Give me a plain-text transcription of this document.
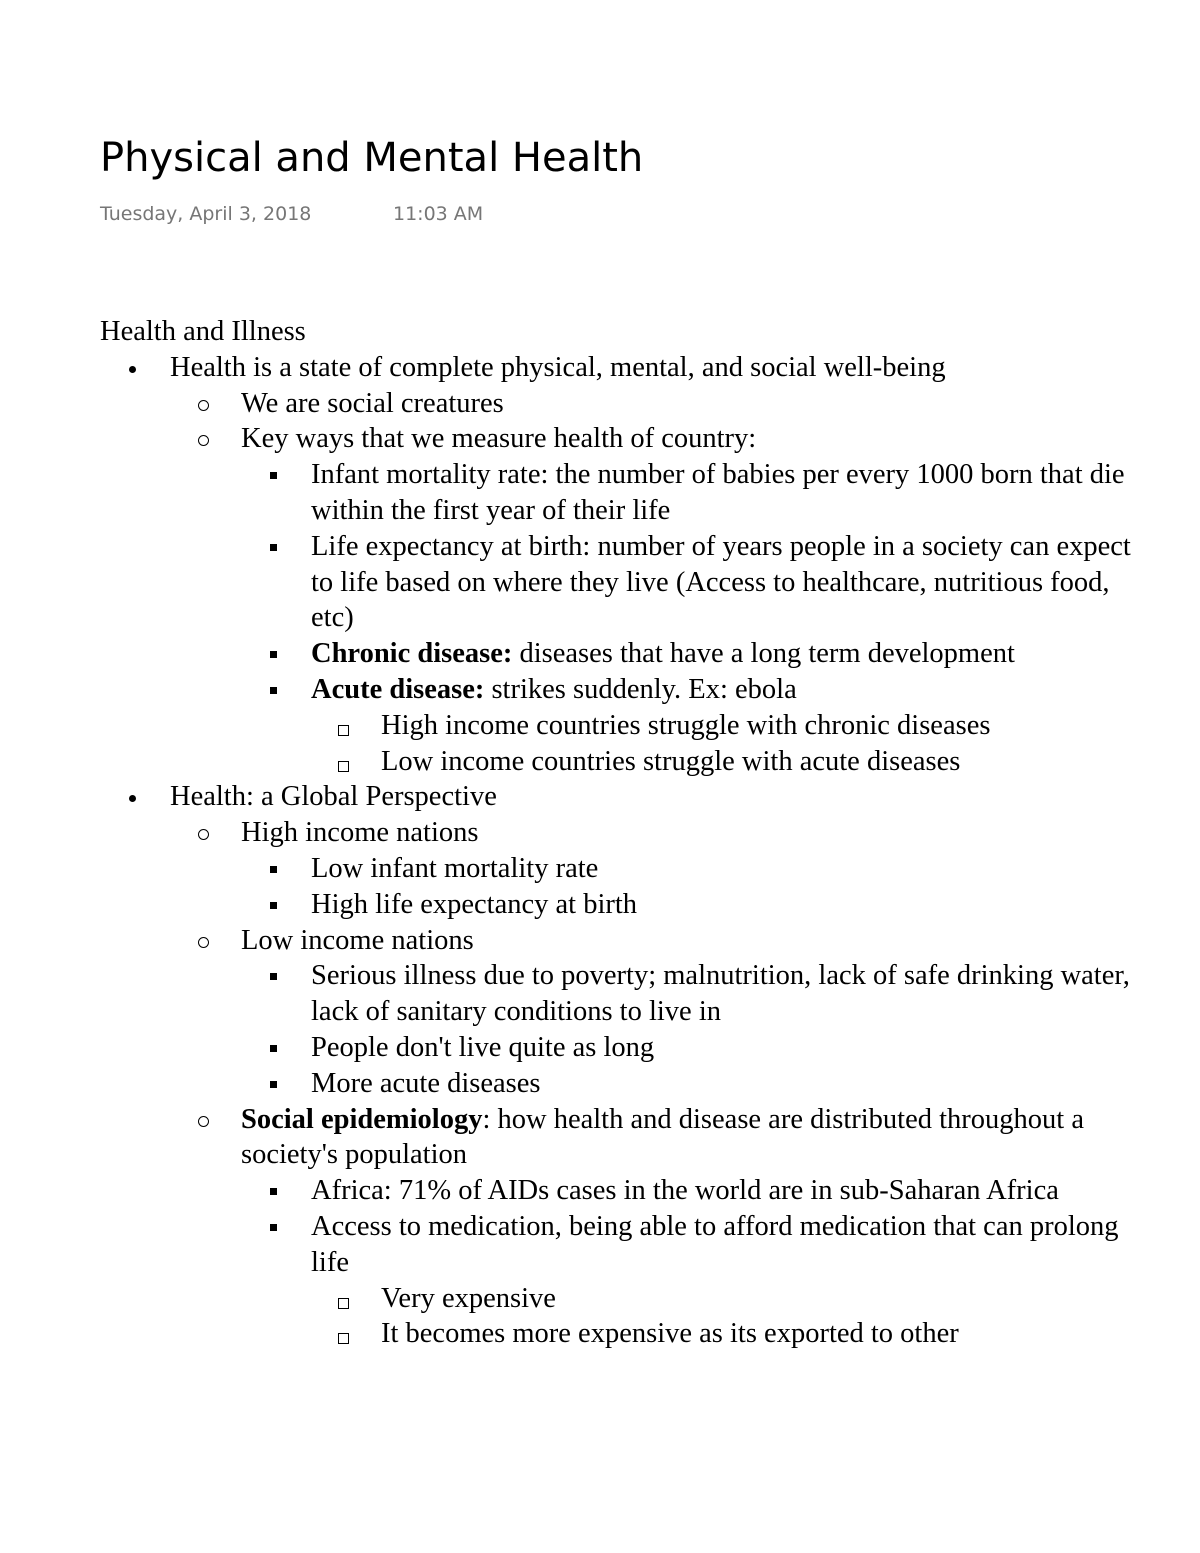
Physical and Mental Health
Tuesday, April 3, 2018	11:03 AM
Health and Illness
Health is a state of complete physical, mental, and social well-being
We are social creatures
Key ways that we measure health of country:
Infant mortality rate: the number of babies per every 1000 born that die within the first year of their life
Life expectancy at birth: number of years people in a society can expect to life based on where they live (Access to healthcare, nutritious food, etc)
Chronic disease: diseases that have a long term development
Acute disease: strikes suddenly. Ex: ebola
High income countries struggle with chronic diseases
Low income countries struggle with acute diseases
Health: a Global Perspective
High income nations
Low infant mortality rate
High life expectancy at birth
Low income nations
Serious illness due to poverty; malnutrition, lack of safe drinking water, lack of sanitary conditions to live in
People don't live quite as long
More acute diseases
Social epidemiology: how health and disease are distributed throughout a society's population
Africa: 71% of AIDs cases in the world are in sub-Saharan Africa
Access to medication, being able to afford medication that can prolong life
Very expensive
It becomes more expensive as its exported to other
